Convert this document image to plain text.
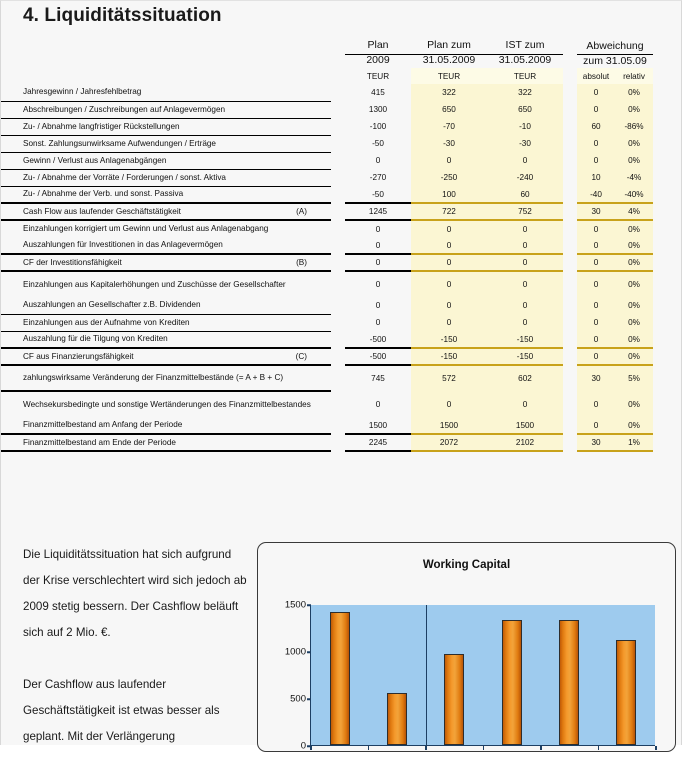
4. Liquiditätssituation

	Plan	Plan zum	IST zum		Abweichung	

	2009	31.05.2009	31.05.2009		zum 31.05.09	

	TEUR	TEUR	TEUR		absolut	relativ
Jahresgewinn / Jahresfehlbetrag		415	322	322		0	0%
Abschreibungen / Zuschreibungen auf Anlagevermögen		1300	650	650		0	0%
Zu- / Abnahme langfristiger Rückstellungen		-100	-70	-10		60	-86%
Sonst. Zahlungsunwirksame Aufwendungen / Erträge		-50	-30	-30		0	0%
Gewinn / Verlust aus Anlagenabgängen		0	0	0		0	0%
Zu- / Abnahme der Vorräte / Forderungen / sonst. Aktiva		-270	-250	-240		10	-4%
Zu- / Abnahme der Verb. und sonst. Passiva		-50	100	60		-40	-40%

(A)
Cash Flow aus laufender Geschäftstätigkeit		1245	722	752		30	4%
Einzahlungen korrigiert um Gewinn und Verlust aus Anlagenabgang		0	0	0		0	0%
Auszahlungen für Investitionen in das Anlagevermögen		0	0	0		0	0%

(B)
CF der Investitionsfähigkeit		0	0	0		0	0%
Einzahlungen aus Kapitalerhöhungen und Zuschüsse der Gesellschafter		0	0	0		0	0%
Auszahlungen an Gesellschafter z.B. Dividenden		0	0	0		0	0%
Einzahlungen aus der Aufnahme von Krediten		0	0	0		0	0%
Auszahlung für die Tilgung von Krediten		-500	-150	-150		0	0%

(C)
CF aus Finanzierungsfähigkeit		-500	-150	-150		0	0%
zahlungswirksame Veränderung der Finanzmittelbestände (= A + B + C)		745	572	602		30	5%
Wechsekursbedingte und sonstige Wertänderungen des Finanzmittelbestandes		0	0	0		0	0%
Finanzmittelbestand am Anfang der Periode		1500	1500	1500		0	0%
Finanzmittelbestand am Ende der Periode		2245	2072	2102		30	1%

Die Liquiditätssituation hat sich aufgrund der Krise verschlechtert wird sich jedoch ab 2009 stetig bessern. Der Cashflow beläuft sich auf 2 Mio. €.

Der Cashflow aus laufender Geschäftstätigkeit ist etwas besser als geplant. Mit der Verlängerung

Working Capital
0
500
1000
1500
